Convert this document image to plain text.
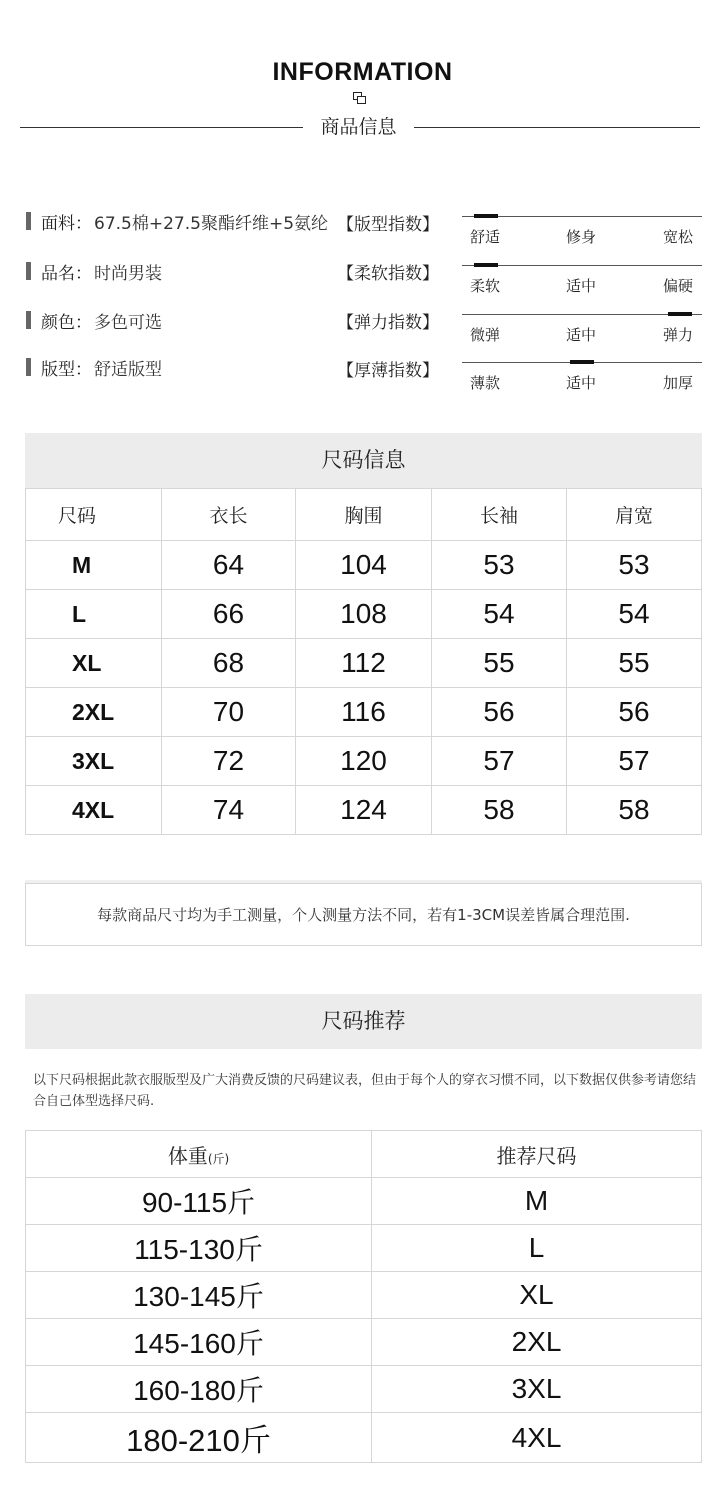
INFORMATION
商品信息
面料： 67.5棉+27.5聚酯纤维+5氨纶
品名： 时尚男装
颜色： 多色可选
版型： 舒适版型
【版型指数】
【柔软指数】
【弹力指数】
【厚薄指数】
舒适	修身	宽松
柔软	适中	偏硬
微弹	适中	弹力
薄款	适中	加厚
尺码信息
尺码	衣长	胸围	长袖	肩宽
M	64	104	53	53
L	66	108	54	54
XL	68	112	55	55
2XL	70	116	56	56
3XL	72	120	57	57
4XL	74	124	58	58
每款商品尺寸均为手工测量，个人测量方法不同，若有1-3CM误差皆属合理范围.
尺码推荐
以下尺码根据此款衣服版型及广大消费反馈的尺码建议表，但由于每个人的穿衣习惯不同，以下数据仅供参考请您结合自己体型选择尺码.
体重(斤)	推荐尺码
90-115斤	M
115-130斤	L
130-145斤	XL
145-160斤	2XL
160-180斤	3XL
180-210斤	4XL
